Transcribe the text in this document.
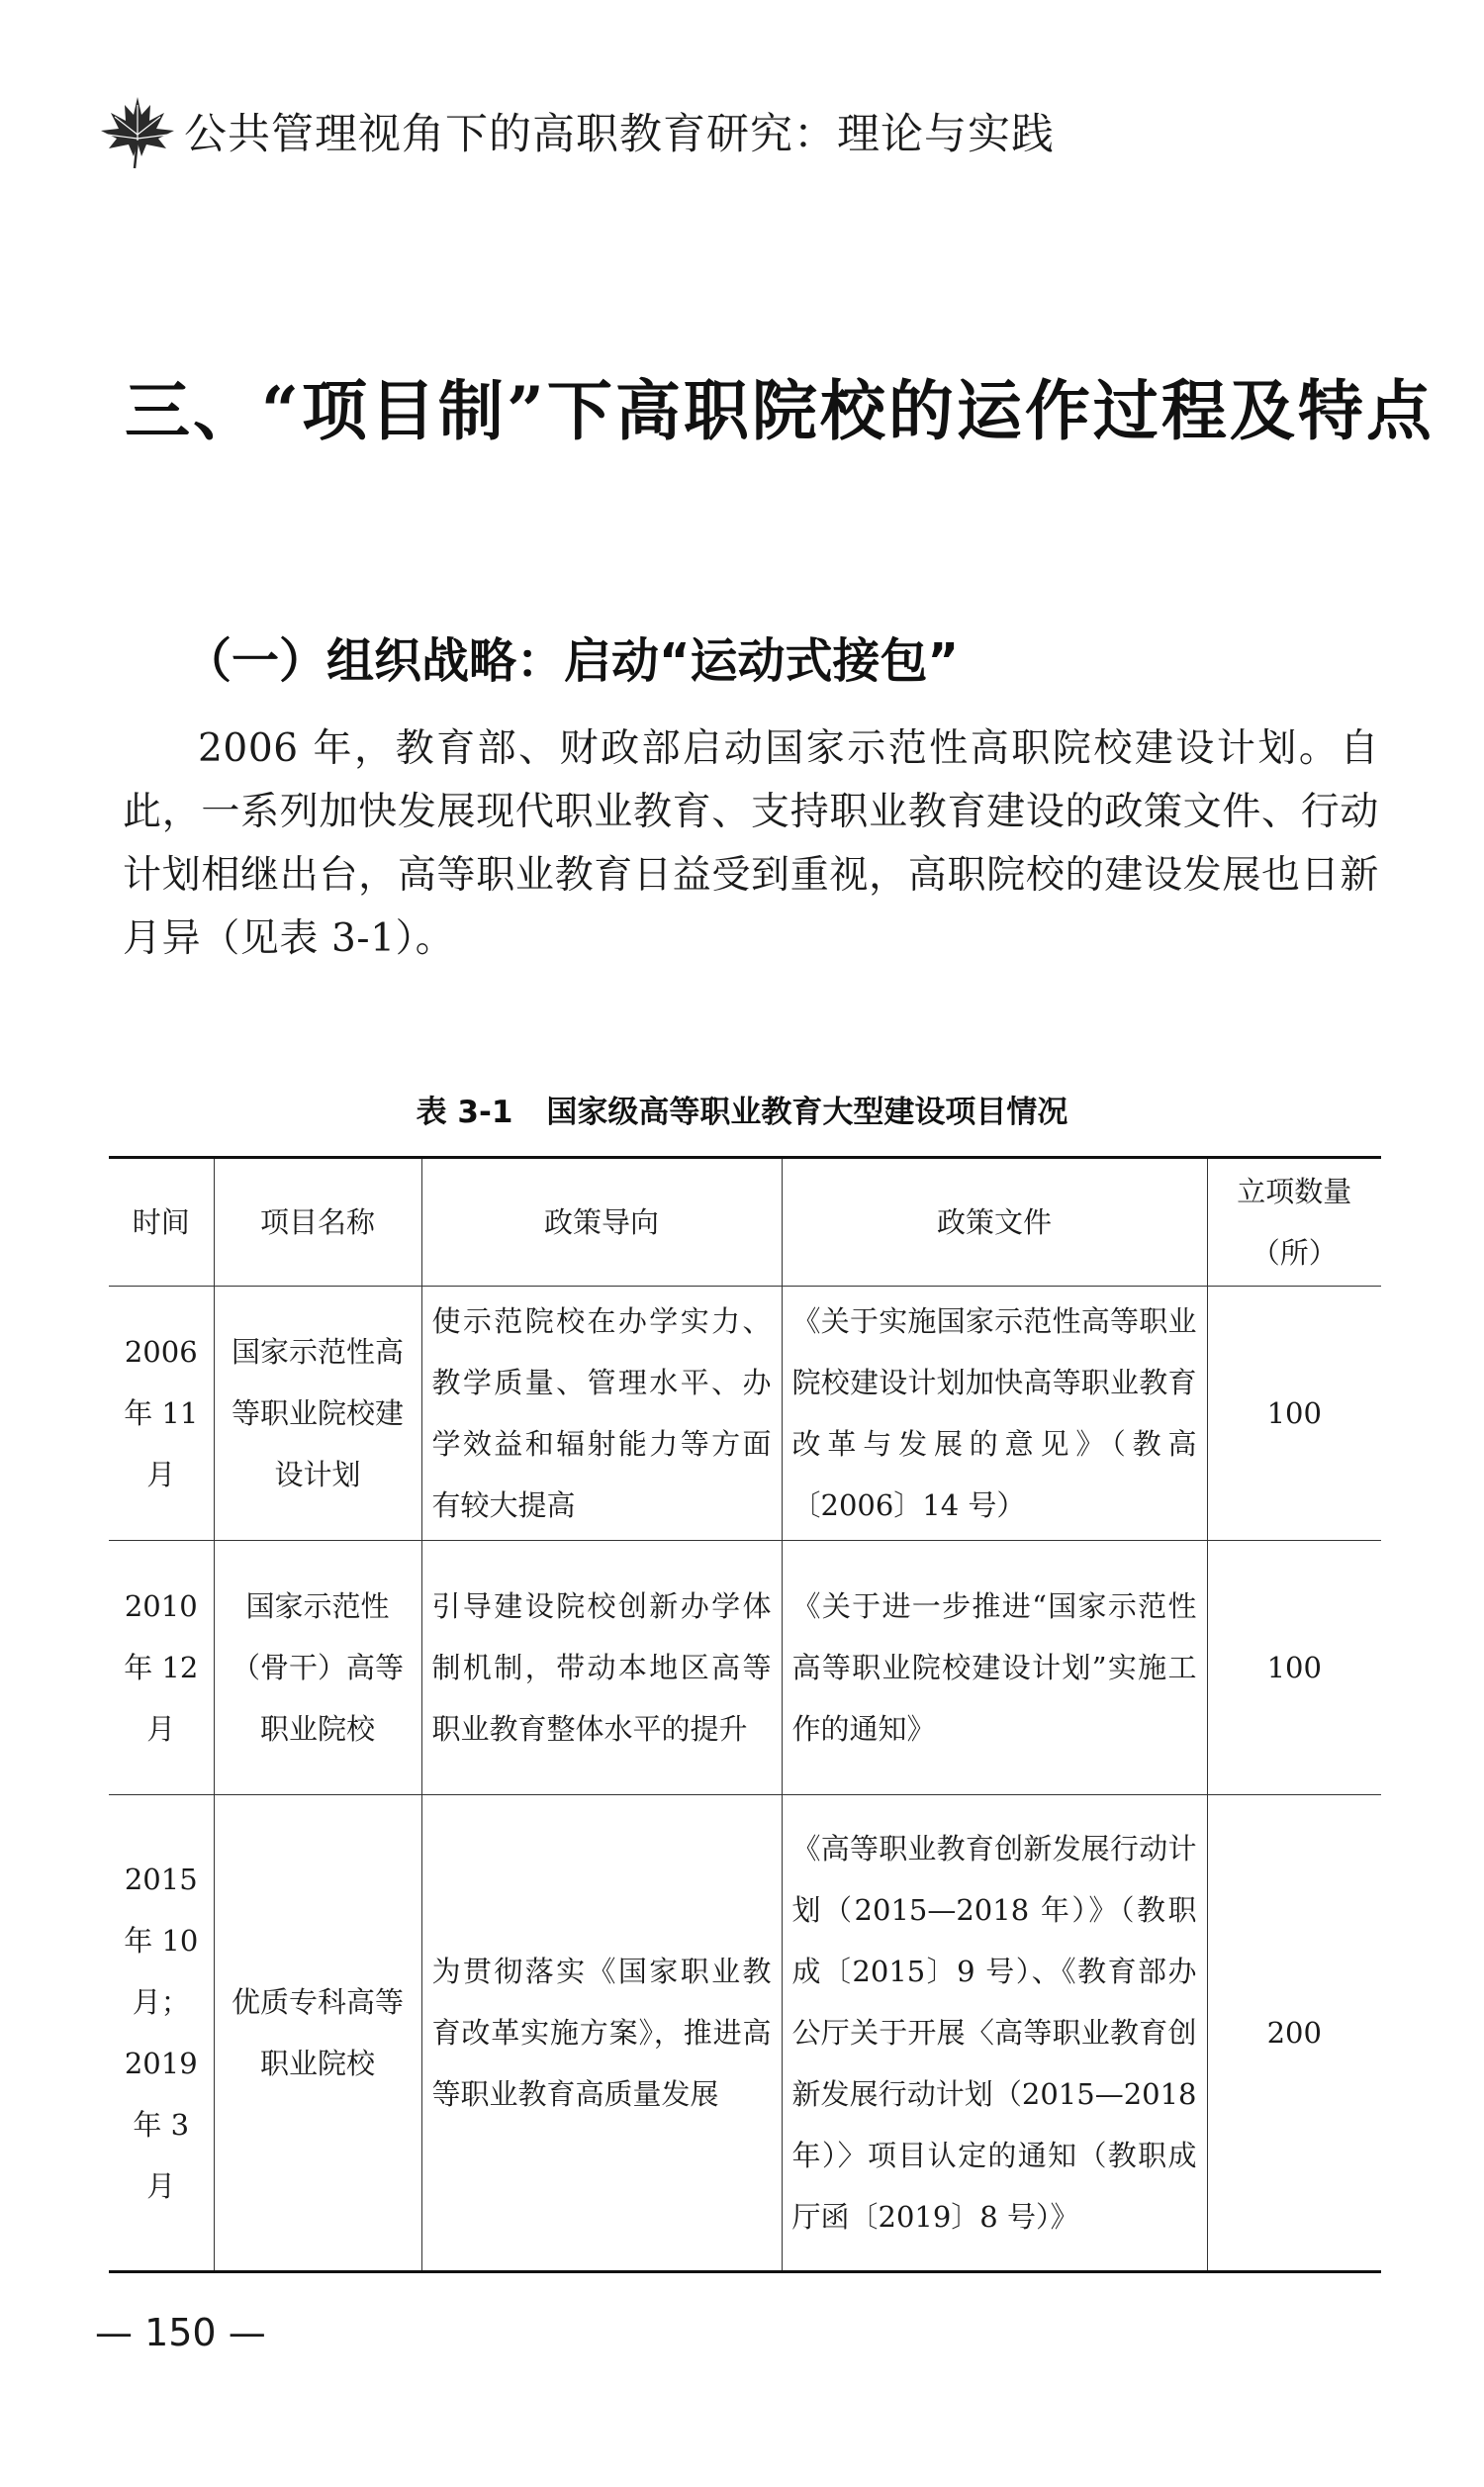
公共管理视角下的高职教育研究：理论与实践
三、“项目制”下高职院校的运作过程及特点
（一）组织战略：启动“运动式接包”
2006 年，教育部、财政部启动国家示范性高职院校建设计划。自此，一系列加快发展现代职业教育、支持职业教育建设的政策文件、行动计划相继出台，高等职业教育日益受到重视，高职院校的建设发展也日新月异（见表 3-1）。
表 3-1 国家级高等职业教育大型建设项目情况
时间	项目名称	政策导向	政策文件	立项数量（所）
2006 年 11 月	国家示范性高等职业院校建设计划	使示范院校在办学实力、教学质量、管理水平、办学效益和辐射能力等方面有较大提高	《关于实施国家示范性高等职业院校建设计划加快高等职业教育改革与发展的意见》（教高〔2006〕14 号）	100
2010 年 12 月	国家示范性（骨干）高等职业院校	引导建设院校创新办学体制机制，带动本地区高等职业教育整体水平的提升	《关于进一步推进“国家示范性高等职业院校建设计划”实施工作的通知》	100
2015 年 10 月；2019 年 3 月	优质专科高等职业院校	为贯彻落实《国家职业教育改革实施方案》，推进高等职业教育高质量发展	《高等职业教育创新发展行动计划（2015—2018 年）》（教职成〔2015〕9 号）、《教育部办公厅关于开展〈高等职业教育创新发展行动计划（2015—2018 年）〉项目认定的通知（教职成厅函〔2019〕8 号）》	200
— 150 —
